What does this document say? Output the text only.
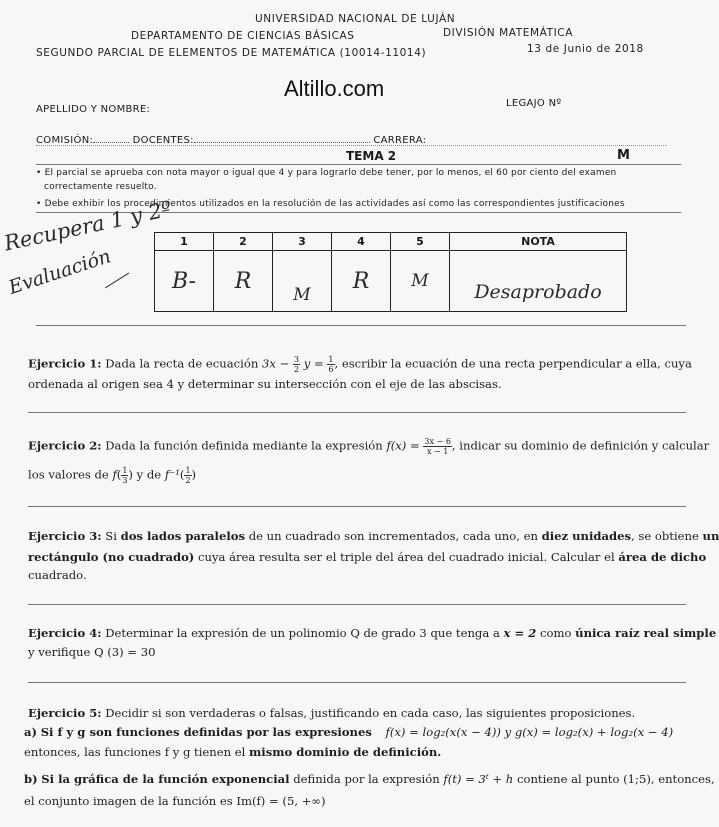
UNIVERSIDAD NACIONAL DE LUJÁN
DEPARTAMENTO DE CIENCIAS BÁSICAS	DIVISIÓN MATEMÁTICA
SEGUNDO PARCIAL DE ELEMENTOS DE MATEMÁTICA (10014-11014)	13 de Junio de 2018
Altillo.com
APELLIDO Y NOMBRE:
LEGAJO Nº
COMISIÓN:	DOCENTES:	CARRERA:
TEMA 2	M
• El parcial se aprueba con nota mayor o igual que 4 y para lograrlo debe tener, por lo menos, el 60 por ciento del examen
correctamente resuelto.
• Debe exhibir los procedimientos utilizados en la resolución de las actividades así como las correspondientes justificaciones
Recupera 1 y 2º
Evaluación
1	2	3	4	5	NOTA
B-	R	M	R	M	Desaprobado
Ejercicio 1: Dada la recta de ecuación $3x - \frac{3}{2}$ $y = \frac{1}{6}$ , escribir la ecuación de una recta perpendicular a ella, cuya
ordenada al origen sea 4 y determinar su intersección con el eje de las abscisas.
Ejercicio 2: Dada la función definida mediante la expresión $f(x) = \frac{3x - 6}{x - 1}$ , indicar su dominio de definición y calcular
los valores de $f( \frac{1}{3}$ ) y de $f^{-1}( \frac{1}{2}$ )
Ejercicio 3: Si dos lados paralelos de un cuadrado son incrementados, cada uno, en diez unidades, se obtiene un
rectángulo (no cuadrado) cuya área resulta ser el triple del área del cuadrado inicial. Calcular el área de dicho
cuadrado.
Ejercicio 4: Determinar la expresión de un polinomio Q de grado 3 que tenga a x = 2 como única raíz real simple
y verifique Q (3) = 30
Ejercicio 5: Decidir si son verdaderas o falsas, justificando en cada caso, las siguientes proposiciones.
a) Si f y g son funciones definidas por las expresiones f(x) = log₂(x(x − 4)) y g(x) = log₂(x) + log₂(x − 4)
entonces, las funciones f y g tienen el mismo dominio de definición.
b) Si la gráfica de la función exponencial definida por la expresión f(t) = 3ᵗ + h contiene al punto (1;5), entonces,
el conjunto imagen de la función es Im(f) = (5, +∞)
